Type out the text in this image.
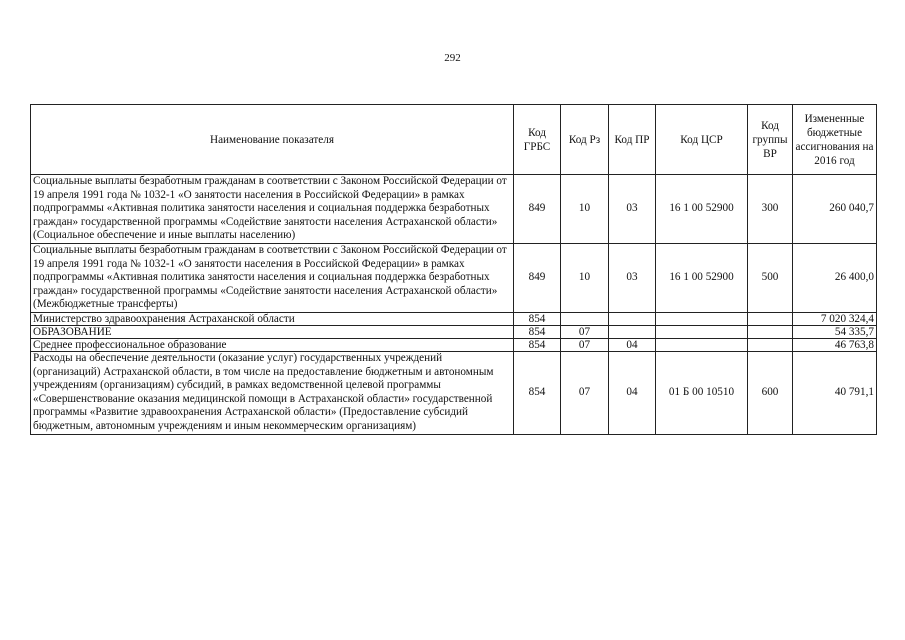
292
Наименование показателя	Код ГРБС	Код Рз	Код ПР	Код ЦСР	Код группы ВР	Измененные бюджетные ассигнования на 2016 год
Социальные выплаты безработным гражданам в соответствии с Законом Российской Федерации от 19 апреля 1991 года № 1032-1 «О занятости населения в Российской Федерации» в рамках подпрограммы «Активная политика занятости населения и социальная поддержка безработных граждан» государственной программы «Содействие занятости населения Астраханской области» (Социальное обеспечение и иные выплаты населению)	849	10	03	16 1 00 52900	300	260 040,7
Социальные выплаты безработным гражданам в соответствии с Законом Российской Федерации от 19 апреля 1991 года № 1032-1 «О занятости населения в Российской Федерации» в рамках подпрограммы «Активная политика занятости населения и социальная поддержка безработных граждан» государственной программы «Содействие занятости населения Астраханской области» (Межбюджетные трансферты)	849	10	03	16 1 00 52900	500	26 400,0
Министерство здравоохранения Астраханской области	854					7 020 324,4
ОБРАЗОВАНИЕ	854	07				54 335,7
Среднее профессиональное образование	854	07	04			46 763,8
Расходы на обеспечение деятельности (оказание услуг) государственных учреждений (организаций) Астраханской области, в том числе на предоставление бюджетным и автономным учреждениям (организациям) субсидий, в рамках ведомственной целевой программы «Совершенствование оказания медицинской помощи в Астраханской области» государственной программы «Развитие здравоохранения Астраханской области» (Предоставление субсидий бюджетным, автономным учреждениям и иным некоммерческим организациям)	854	07	04	01 Б 00 10510	600	40 791,1
